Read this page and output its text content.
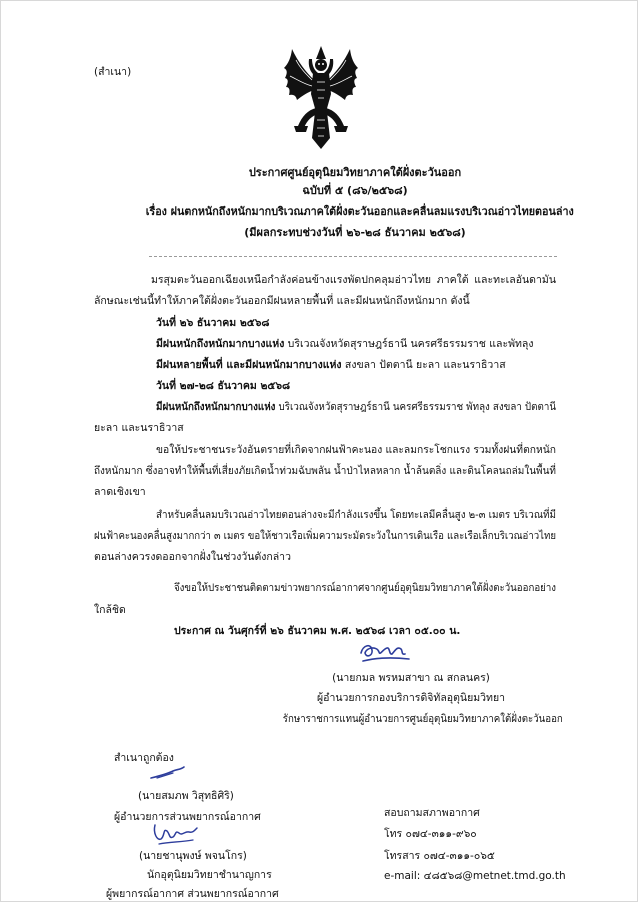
(สำเนา)
ประกาศศูนย์อุตุนิยมวิทยาภาคใต้ฝั่งตะวันออก
ฉบับที่ ๕ (๘๖/๒๕๖๘)
เรื่อง ฝนตกหนักถึงหนักมากบริเวณภาคใต้ฝั่งตะวันออกและคลื่นลมแรงบริเวณอ่าวไทยตอนล่าง
(มีผลกระทบช่วงวันที่ ๒๖-๒๘ ธันวาคม ๒๕๖๘)
มรสุมตะวันออกเฉียงเหนือกำลังค่อนข้างแรงพัดปกคลุมอ่าวไทย ภาคใต้ และทะเลอันดามัน
ลักษณะเช่นนี้ทำให้ภาคใต้ฝั่งตะวันออกมีฝนหลายพื้นที่ และมีฝนหนักถึงหนักมาก ดังนี้
วันที่ ๒๖ ธันวาคม ๒๕๖๘
มีฝนหนักถึงหนักมากบางแห่ง บริเวณจังหวัดสุราษฎร์ธานี นครศรีธรรมราช และพัทลุง
มีฝนหลายพื้นที่ และมีฝนหนักมากบางแห่ง สงขลา ปัตตานี ยะลา และนราธิวาส
วันที่ ๒๗-๒๘ ธันวาคม ๒๕๖๘
มีฝนหนักถึงหนักมากบางแห่ง บริเวณจังหวัดสุราษฎร์ธานี นครศรีธรรมราช พัทลุง สงขลา ปัตตานี
ยะลา และนราธิวาส
ขอให้ประชาชนระวังอันตรายที่เกิดจากฝนฟ้าคะนอง และลมกระโชกแรง รวมทั้งฝนที่ตกหนัก
ถึงหนักมาก ซึ่งอาจทำให้พื้นที่เสี่ยงภัยเกิดน้ำท่วมฉับพลัน น้ำป่าไหลหลาก น้ำล้นตลิ่ง และดินโคลนถล่มในพื้นที่
ลาดเชิงเขา
สำหรับคลื่นลมบริเวณอ่าวไทยตอนล่างจะมีกำลังแรงขึ้น โดยทะเลมีคลื่นสูง ๒-๓ เมตร บริเวณที่มี
ฝนฟ้าคะนองคลื่นสูงมากกว่า ๓ เมตร ขอให้ชาวเรือเพิ่มความระมัดระวังในการเดินเรือ และเรือเล็กบริเวณอ่าวไทย
ตอนล่างควรงดออกจากฝั่งในช่วงวันดังกล่าว
จึงขอให้ประชาชนติดตามข่าวพยากรณ์อากาศจากศูนย์อุตุนิยมวิทยาภาคใต้ฝั่งตะวันออกอย่าง
ใกล้ชิด
ประกาศ ณ วันศุกร์ที่ ๒๖ ธันวาคม พ.ศ. ๒๕๖๘ เวลา ๐๕.๐๐ น.
(นายกมล พรหมสาขา ณ สกลนคร)
ผู้อำนวยการกองบริการดิจิทัลอุตุนิยมวิทยา
รักษาราชการแทนผู้อำนวยการศูนย์อุตุนิยมวิทยาภาคใต้ฝั่งตะวันออก
สำเนาถูกต้อง
(นายสมภพ วิสุทธิศิริ)
ผู้อำนวยการส่วนพยากรณ์อากาศ
(นายชานุพงษ์ พจนโกร)
นักอุตุนิยมวิทยาชำนาญการ
ผู้พยากรณ์อากาศ ส่วนพยากรณ์อากาศ
สอบถามสภาพอากาศ
โทร ๐๗๔-๓๑๑-๙๖๐
โทรสาร ๐๗๔-๓๑๑-๐๖๕
e-mail: ๔๘๕๖๘@metnet.tmd.go.th
